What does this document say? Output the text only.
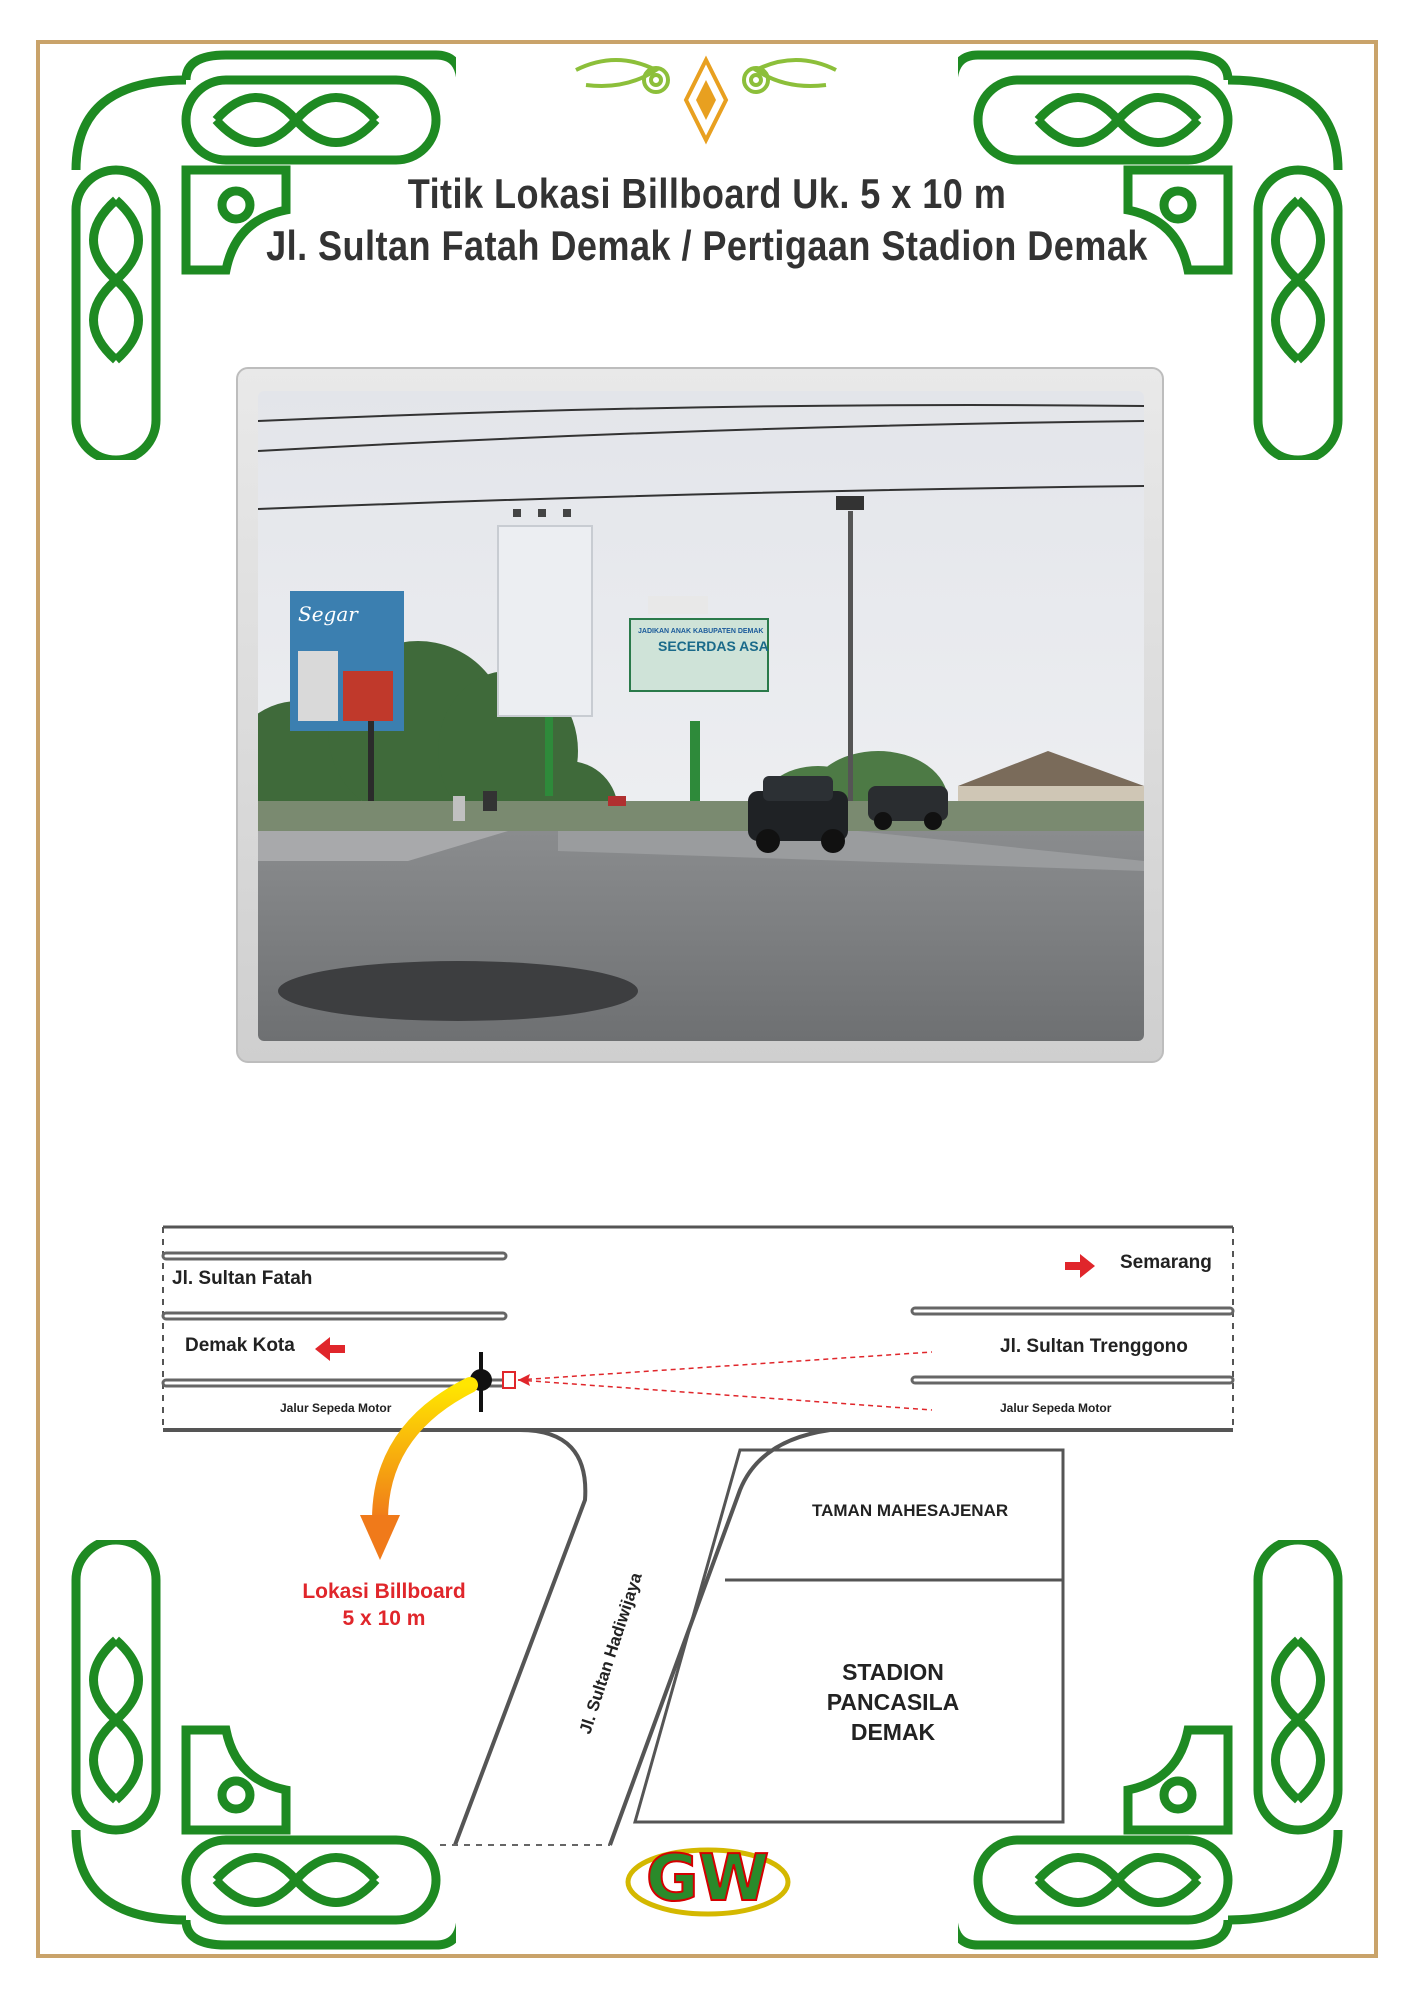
Titik Lokasi Billboard Uk. 5 x 10 m
Jl. Sultan Fatah Demak / Pertigaan Stadion Demak
Segar
JADIKAN ANAK KABUPATEN DEMAK
SECERDAS ASA
Jl. Sultan Fatah
Semarang
Demak Kota	Jl. Sultan Trenggono
Jalur Sepeda Motor	Jalur Sepeda Motor
TAMAN MAHESAJENAR
STADION
PANCASILA
DEMAK
Jl. Sultan Hadiwijaya
Lokasi Billboard
5 x 10 m
GW
